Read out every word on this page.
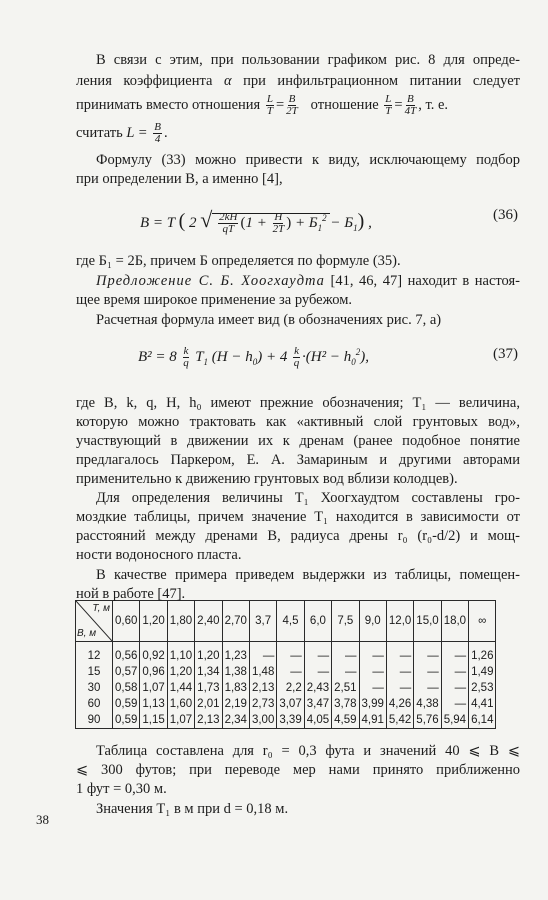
В связи с этим, при пользовании графиком рис. 8 для опреде-
ления коэффициента α при инфильтрационном питании следует
принимать вместо отношения $\frac{L}{T} = \frac{B}{2T}$ отношение $\frac{L}{T} = \frac{B}{4T}$ , т. е.
считать $L = \frac{B}{4}$ .
Формулу (33) можно привести к виду, исключающему подбор
при определении B, а именно [4],
B = T ( 2 √ $\frac{2kH}{qT} (1 + \frac{H}{2T}$ ) + $Б_1^2 - Б_1$) ,	(36)
где Б₁ = 2Б, причем Б определяется по формуле (35).
Предложение С. Б. Хоогхаудта [41, 46, 47] находит в настоя-
щее время широкое применение за рубежом.
Расчетная формула имеет вид (в обозначениях рис. 7, а)
$B^2 = 8 \frac{k}{q} T_1$ $(H - h_0) + 4 \frac{k}{q} \cdot(H^2 - h_0^2)$,	(37)
где B, k, q, H, h₀ имеют прежние обозначения; T₁ — величина,
которую можно трактовать как «активный слой грунтовых вод»,
участвующий в движении их к дренам (ранее подобное понятие
предлагалось Паркером, Е. А. Замариным и другими авторами
применительно к движению грунтовых вод вблизи колодцев).
Для определения величины T₁ Хоогхаудтом составлены гро-
моздкие таблицы, причем значение T₁ находится в зависимости от
расстояний между дренами B, радиуса дрены r₀ (r₀-d/2) и мощ-
ности водоносного пласта.
В качестве примера приведем выдержки из таблицы, помещен-
T, м
B, м	0,60	1,20	1,80	2,40	2,70	3,7	4,5	6,0	7,5	9,0	12,0	15,0	18,0	∞

12	0,56	0,92	1,10	1,20	1,23	—	—	—	—	—	—	—	—	1,26
15	0,57	0,96	1,20	1,34	1,38	1,48	—	—	—	—	—	—	—	1,49
30	0,58	1,07	1,44	1,73	1,83	2,13	2,2	2,43	2,51	—	—	—	—	2,53
60	0,59	1,13	1,60	2,01	2,19	2,73	3,07	3,47	3,78	3,99	4,26	4,38	—	4,41
90	0,59	1,15	1,07	2,13	2,34	3,00	3,39	4,05	4,59	4,91	5,42	5,76	5,94	6,14
Таблица составлена для r₀ = 0,3 фута и значений 40 ⩽ B ⩽
⩽ 300 футов; при переводе мер нами принято приближенно
1 фут = 0,30 м.
Значения T₁ в м при d = 0,18 м.
38
ной в работе [47].
